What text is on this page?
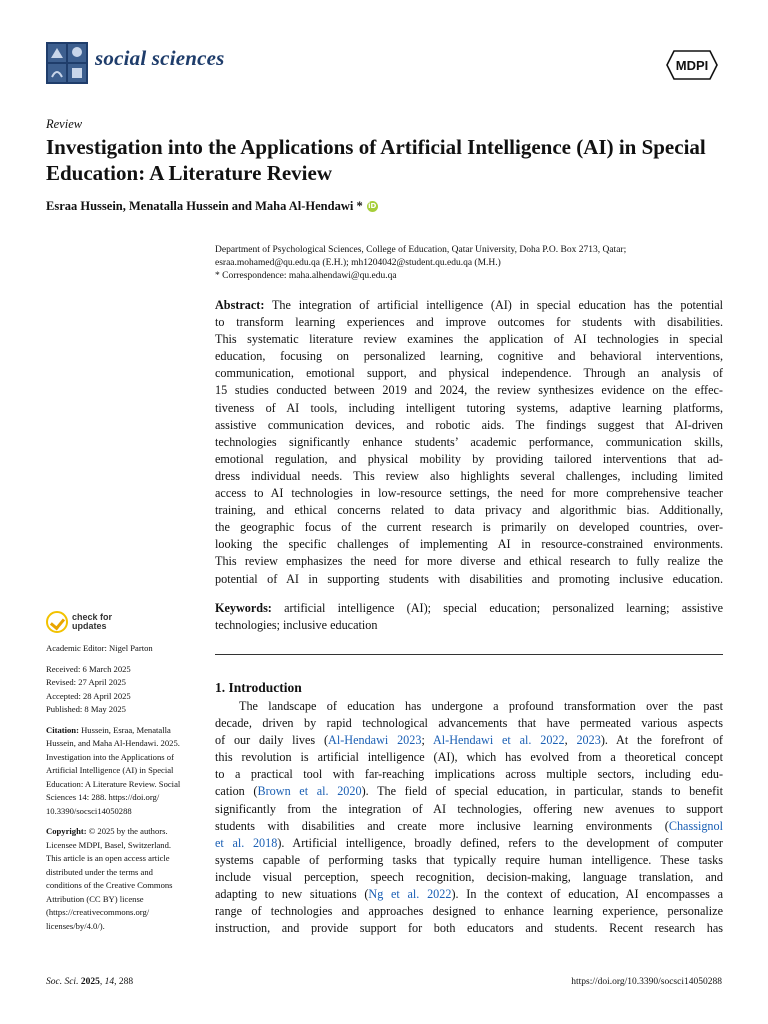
social sciences	MDPI
Review
Investigation into the Applications of Artificial Intelligence (AI) in Special Education: A Literature Review
Esraa Hussein, Menatalla Hussein and Maha Al-Hendawi * iD
Department of Psychological Sciences, College of Education, Qatar University, Doha P.O. Box 2713, Qatar;
esraa.mohamed@qu.edu.qa (E.H.); mh1204042@student.qu.edu.qa (M.H.)
* Correspondence: maha.alhendawi@qu.edu.qa
Abstract: The integration of artificial intelligence (AI) in special education has the potential
to transform learning experiences and improve outcomes for students with disabilities.
This systematic literature review examines the application of AI technologies in special
education, focusing on personalized learning, cognitive and behavioral interventions,
communication, emotional support, and physical independence. Through an analysis of
15 studies conducted between 2019 and 2024, the review synthesizes evidence on the effec-
tiveness of AI tools, including intelligent tutoring systems, adaptive learning platforms,
assistive communication devices, and robotic aids. The findings suggest that AI-driven
technologies significantly enhance students’ academic performance, communication skills,
emotional regulation, and physical mobility by providing tailored interventions that ad-
dress individual needs. This review also highlights several challenges, including limited
access to AI technologies in low-resource settings, the need for more comprehensive teacher
training, and ethical concerns related to data privacy and algorithmic bias. Additionally,
the geographic focus of the current research is primarily on developed countries, over-
looking the specific challenges of implementing AI in resource-constrained environments.
This review emphasizes the need for more diverse and ethical research to fully realize the
potential of AI in supporting students with disabilities and promoting inclusive education.
Keywords: artificial intelligence (AI); special education; personalized learning; assistive
technologies; inclusive education
check for
updates
Academic Editor: Nigel Parton
Received: 6 March 2025
Revised: 27 April 2025
Accepted: 28 April 2025
Published: 8 May 2025
Citation: Hussein, Esraa, Menatalla
Hussein, and Maha Al-Hendawi. 2025.
Investigation into the Applications of
Artificial Intelligence (AI) in Special
Education: A Literature Review. Social
Sciences 14: 288. https://doi.org/
10.3390/socsci14050288
Copyright: © 2025 by the authors.
Licensee MDPI, Basel, Switzerland.
This article is an open access article
distributed under the terms and
conditions of the Creative Commons
Attribution (CC BY) license
(https://creativecommons.org/
licenses/by/4.0/).
1. Introduction
The landscape of education has undergone a profound transformation over the past
decade, driven by rapid technological advancements that have permeated various aspects
of our daily lives (Al-Hendawi 2023; Al-Hendawi et al. 2022, 2023). At the forefront of
this revolution is artificial intelligence (AI), which has evolved from a theoretical concept
to a practical tool with far-reaching implications across multiple sectors, including edu-
cation (Brown et al. 2020). The field of special education, in particular, stands to benefit
significantly from the integration of AI technologies, offering new avenues to support
students with disabilities and create more inclusive learning environments (Chassignol
et al. 2018). Artificial intelligence, broadly defined, refers to the development of computer
systems capable of performing tasks that typically require human intelligence. These tasks
include visual perception, speech recognition, decision-making, language translation, and
adapting to new situations (Ng et al. 2022). In the context of education, AI encompasses a
range of technologies and approaches designed to enhance learning experience, personalize
instruction, and provide support for both educators and students. Recent research has
Soc. Sci. 2025, 14, 288	https://doi.org/10.3390/socsci14050288
